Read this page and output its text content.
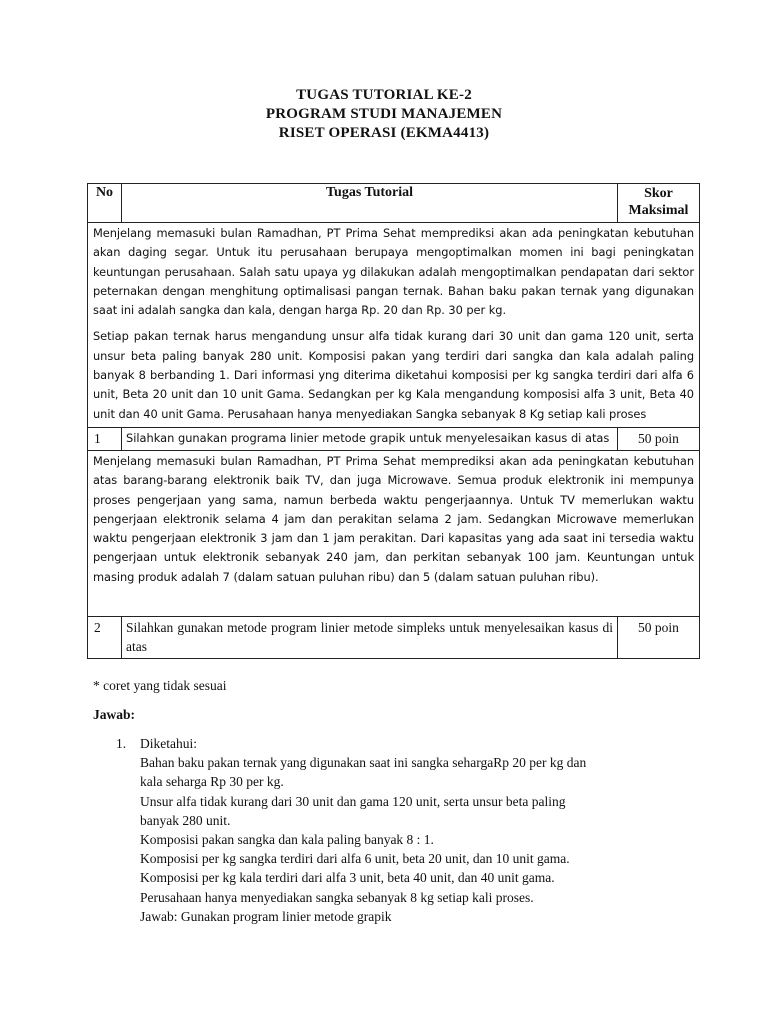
TUGAS TUTORIAL KE-2
PROGRAM STUDI MANAJEMEN
RISET OPERASI (EKMA4413)
No	Tugas Tutorial	Skor
Maksimal

Menjelang memasuki bulan Ramadhan, PT Prima Sehat memprediksi akan ada peningkatan kebutuhan akan daging segar. Untuk itu perusahaan berupaya mengoptimalkan momen ini bagi peningkatan keuntungan perusahaan. Salah satu upaya yg dilakukan adalah mengoptimalkan pendapatan dari sektor peternakan dengan menghitung optimalisasi pangan ternak. Bahan baku pakan ternak yang digunakan saat ini adalah sangka dan kala, dengan harga Rp. 20 dan Rp. 30 per kg.

Setiap pakan ternak harus mengandung unsur alfa tidak kurang dari 30 unit dan gama 120 unit, serta unsur beta paling banyak 280 unit. Komposisi pakan yang terdiri dari sangka dan kala adalah paling banyak 8 berbanding 1. Dari informasi yng diterima diketahui komposisi per kg sangka terdiri dari alfa 6 unit, Beta 20 unit dan 10 unit Gama. Sedangkan per kg Kala mengandung komposisi alfa 3 unit, Beta 40 unit dan 40 unit Gama. Perusahaan hanya menyediakan Sangka sebanyak 8 Kg setiap kali proses		

1	Silahkan gunakan programa linier metode grapik untuk menyelesaikan kasus di atas	50 poin
Menjelang memasuki bulan Ramadhan, PT Prima Sehat memprediksi akan ada peningkatan kebutuhan atas barang-barang elektronik baik TV, dan juga Microwave. Semua produk elektronik ini mempunya proses pengerjaan yang sama, namun berbeda waktu pengerjaannya. Untuk TV memerlukan waktu pengerjaan elektronik selama 4 jam dan perakitan selama 2 jam. Sedangkan Microwave memerlukan waktu pengerjaan elektronik 3 jam dan 1 jam perakitan. Dari kapasitas yang ada saat ini tersedia waktu pengerjaan untuk elektronik sebanyak 240 jam, dan perkitan sebanyak 100 jam. Keuntungan untuk masing produk adalah 7 (dalam satuan puluhan ribu) dan 5 (dalam satuan puluhan ribu).		
2	Silahkan gunakan metode program linier metode simpleks untuk menyelesaikan kasus di atas	50 poin
* coret yang tidak sesuai
Jawab:
1.	Diketahui:
Bahan baku pakan ternak yang digunakan saat ini sangka sehargaRp 20 per kg dan
kala seharga Rp 30 per kg.
Unsur alfa tidak kurang dari 30 unit dan gama 120 unit, serta unsur beta paling
banyak 280 unit.
Komposisi pakan sangka dan kala paling banyak 8 : 1.
Komposisi per kg sangka terdiri dari alfa 6 unit, beta 20 unit, dan 10 unit gama.
Komposisi per kg kala terdiri dari alfa 3 unit, beta 40 unit, dan 40 unit gama.
Perusahaan hanya menyediakan sangka sebanyak 8 kg setiap kali proses.
Jawab: Gunakan program linier metode grapik
